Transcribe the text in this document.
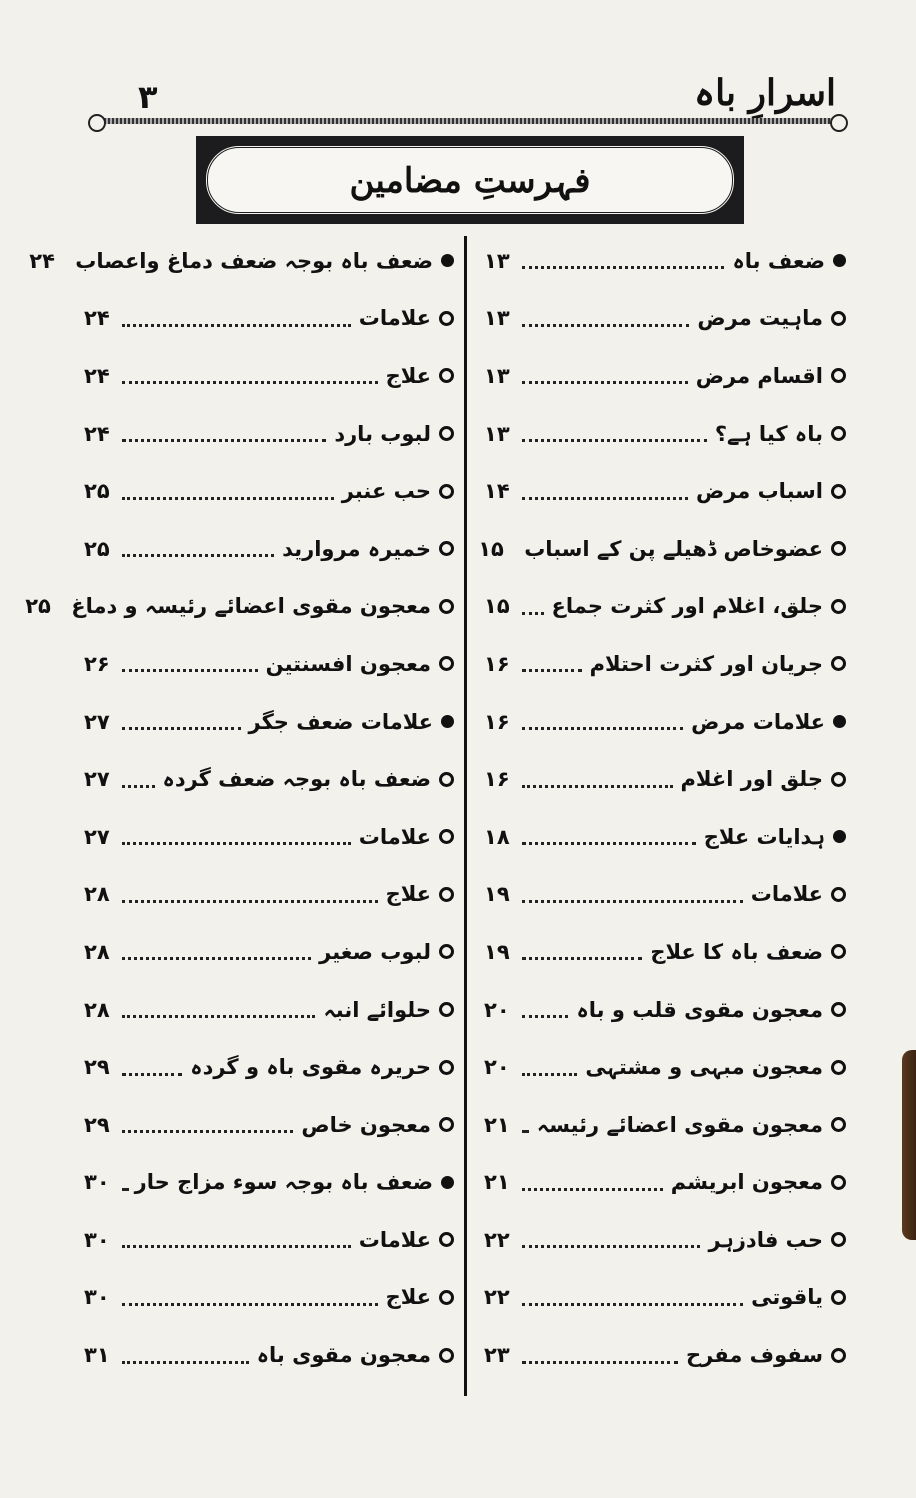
اسرارِ باہ
۳
فہرستِ مضامین
ضعف باہ
۱۳
ماہیت مرض
۱۳
اقسام مرض
۱۳
باہ کیا ہے؟
۱۳
اسباب مرض
۱۴
عضوخاص ڈھیلے پن کے اسباب
۱۵
جلق، اغلام اور کثرت جماع
۱۵
جریان اور کثرت احتلام
۱۶
علامات مرض
۱۶
جلق اور اغلام
۱۶
ہدایات علاج
۱۸
علامات
۱۹
ضعف باہ کا علاج
۱۹
معجون مقوی قلب و باہ
۲۰
معجون مبہی و مشتہی
۲۰
معجون مقوی اعضائے رئیسہ
۲۱
معجون ابریشم
۲۱
حب فادزہر
۲۲
یاقوتی
۲۲
سفوف مفرح
۲۳
ضعف باہ بوجہ ضعف دماغ واعصاب
۲۴
علامات
۲۴
علاج
۲۴
لبوب بارد
۲۴
حب عنبر
۲۵
خمیرہ مروارید
۲۵
معجون مقوی اعضائے رئیسہ و دماغ
۲۵
معجون افسنتین
۲۶
علامات ضعف جگر
۲۷
ضعف باہ بوجہ ضعف گردہ
۲۷
علامات
۲۷
علاج
۲۸
لبوب صغیر
۲۸
حلوائے انبہ
۲۸
حریرہ مقوی باہ و گردہ
۲۹
معجون خاص
۲۹
ضعف باہ بوجہ سوء مزاج حار
۳۰
علامات
۳۰
علاج
۳۰
معجون مقوی باہ
۳۱
